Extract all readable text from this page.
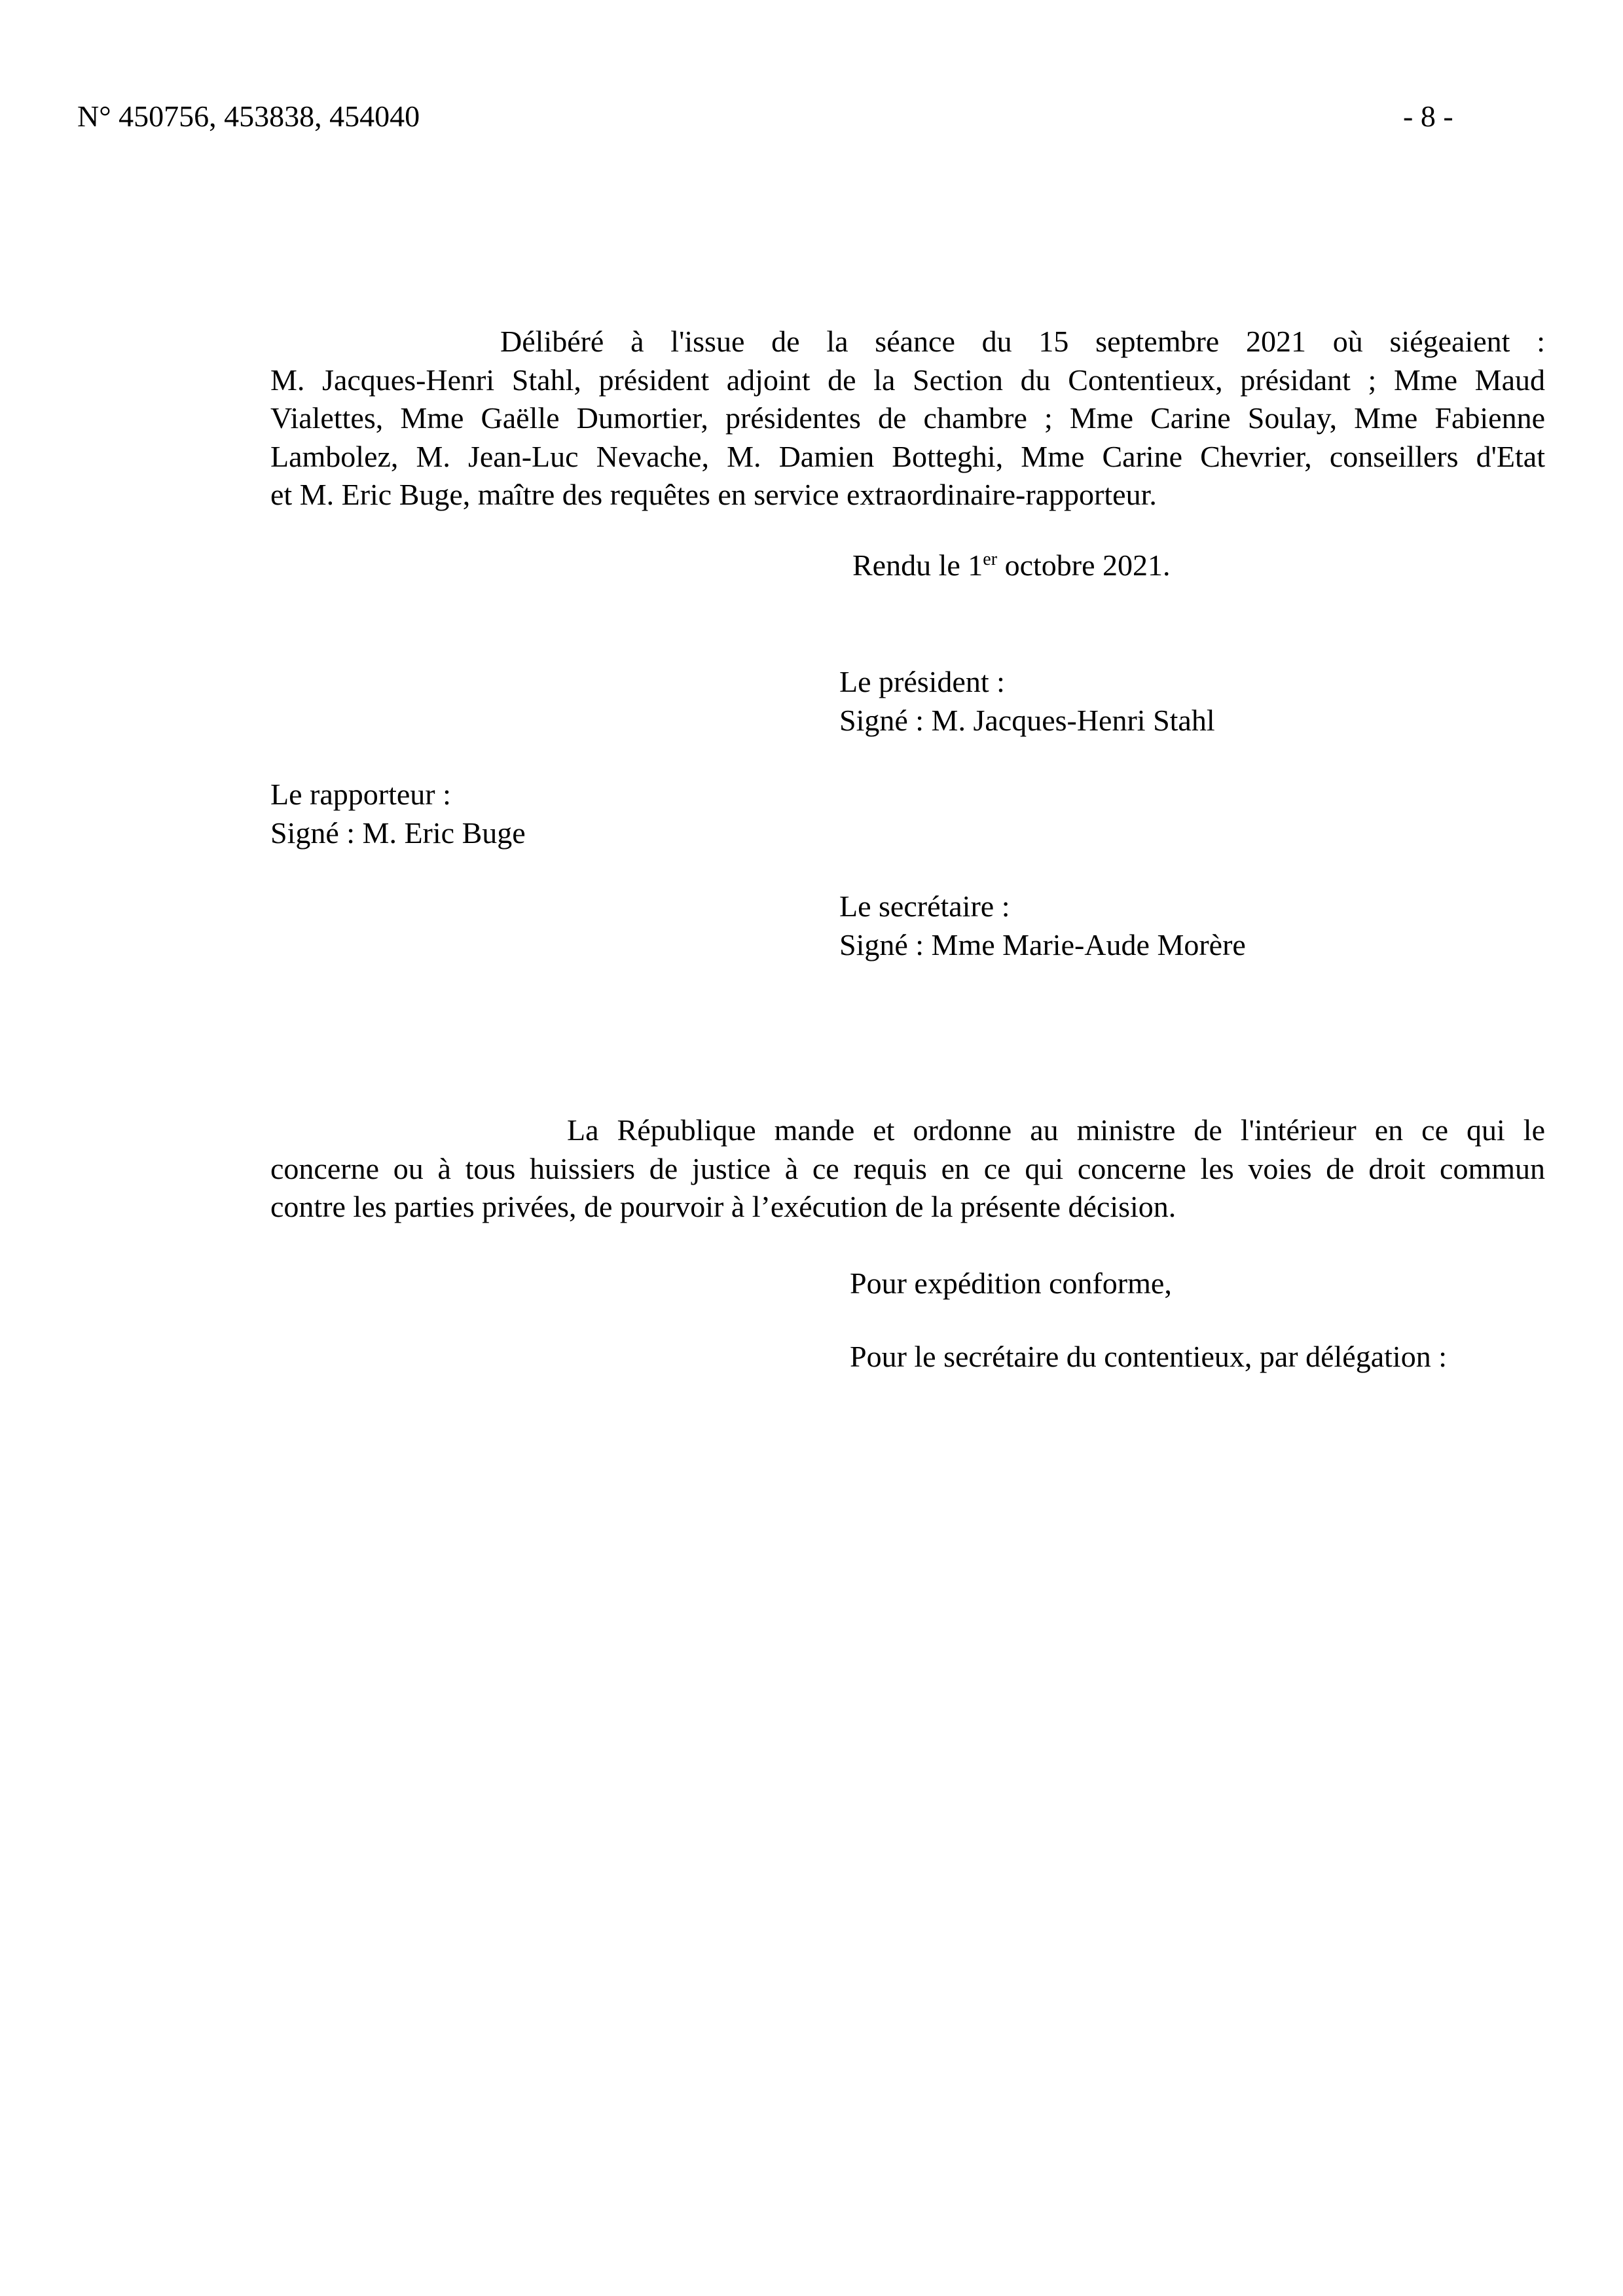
N° 450756, 453838, 454040	- 8 -
Délibéré à l'issue de la séance du 15 septembre 2021 où siégeaient :
M. Jacques-Henri Stahl, président adjoint de la Section du Contentieux, présidant ; Mme Maud
Vialettes, Mme Gaëlle Dumortier, présidentes de chambre ; Mme Carine Soulay, Mme Fabienne
Lambolez, M. Jean-Luc Nevache, M. Damien Botteghi, Mme Carine Chevrier, conseillers d'Etat
et M. Eric Buge, maître des requêtes en service extraordinaire-rapporteur.
Rendu le 1er octobre 2021.
Le président :
Signé : M. Jacques-Henri Stahl
Le rapporteur :
Signé : M. Eric Buge
Le secrétaire :
Signé : Mme Marie-Aude Morère
La République mande et ordonne au ministre de l'intérieur en ce qui le
concerne ou à tous huissiers de justice à ce requis en ce qui concerne les voies de droit commun
contre les parties privées, de pourvoir à l’exécution de la présente décision.
Pour expédition conforme,
Pour le secrétaire du contentieux, par délégation :
